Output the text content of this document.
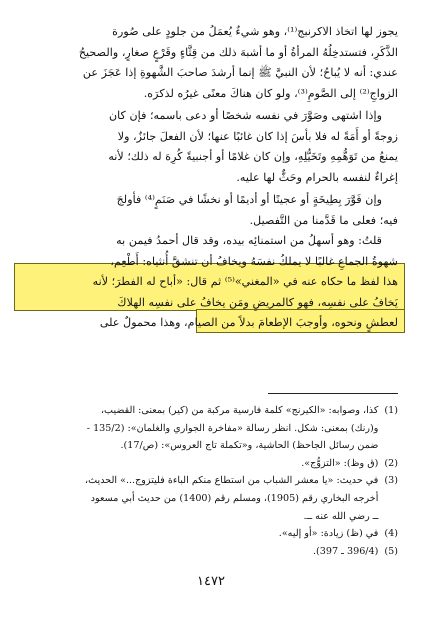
يجوز لها اتخاذ الاكرنبج⁽¹⁾، وهو شيءٌ يُعمَلُ من جلودٍ على صُورة
الذَّكَرِ، فتستدخِلُهُ المرأةُ أو ما أشبهَ ذلك من قِثَّاءٍ وقَرْعٍ صغارٍ، والصحيحُ
عندي: أنه لا يُباحُ؛ لأن النبيَّ ﷺ إنما أرشدَ صاحبَ الشَّهوةِ إذا عَجَزَ عن
الزواجِ⁽²⁾ إلى الصَّومِ⁽³⁾، ولو كان هناكَ معنًى غيرُه لذكرَه.

وإذا اشتهى وصَوَّرَ في نفسه شخصًا أو دعى باسمه؛ فإن كان
زوجةً أو أَمَةً له فلا بأسَ إذا كان غائبًا عنها؛ لأن الفعلَ جائزٌ، ولا
يمنعُ من تَوَهُّمِهِ وتَخَيُّلِهِ، وإن كان غلامًا أو أجنبيةً كُرِهَ له ذلك؛ لأنه
إغراءٌ لنفسه بالحرام وحَثٌّ لها عليه.

وإن فَوَّرَ بِطِيخَةٍ أو عجينًا أو أديمًا أو نخشًا في صَنَمٍ⁽⁴⁾ فأولجَ
فيه؛ فعلى ما قَدَّمنا من التَّفصيل.

قلتُ: وهو أسهلُ من استمنائِه بيده، وقد قال أحمدُ فيمن به
شهوةُ الجماعِ غالبًا لا يملكُ نفسَهُ ويخافُ أن تنشقَّ أُنثياه: أَطْعِم،
هذا لفظ ما حكاه عنه في «المغني»⁽⁵⁾ ثم قال: «أباح له الفطرَ؛ لأنه
يَخافُ على نفسِه، فهو كالمريضِ ومَن يخافُ على نفسِه الهلاكَ
لعطشٍ ونحوه، وأوجبَ الإطعامَ بدلاً من الصيام، وهذا محمولٌ على

(1)
كذا، وصوابه: «الكيرنج» كلمة فارسية مركبة من (كير) بمعنى: القضيب،
و(رنك) بمعنى: شكل. انظر رسالة «مفاخرة الجواري والغلمان»: (135/2 -
ضمن رسائل الجاحظ) الحاشية، و«تكملة تاج العروس»: (ص/17).
(2)
(ق وظ): «التزوُّج».
(3)
في حديث: «يا معشر الشباب من استطاع منكم الباءة فليتزوج...» الحديث،
أخرجه البخاري رقم (1905)، ومسلم رقم (1400) من حديث أبي مسعود
ــ رضي الله عنه ــ.
(4)
في (ظ) زيادة: «أو إليه».
(5)
(396/4 ـ 397).
١٤٧٢
